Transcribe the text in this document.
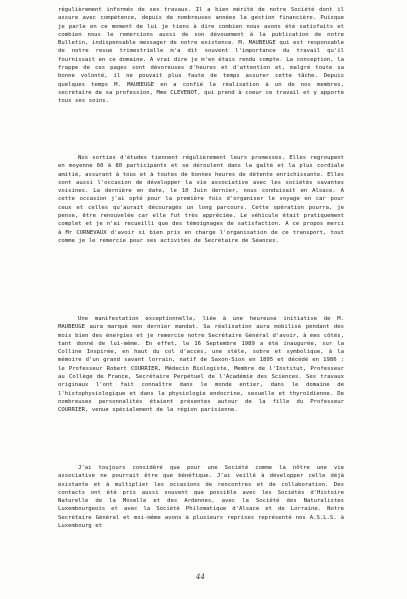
régulièrement informés de ses travaux. Il a bien mérité de notre Société dont il assure avec compétence, depuis de nombreuses années la gestion financière. Puisque je parle en ce moment de lui je tiens à dire combien nous avons été satisfaits et combien nous le remercions aussi de son dévouement à la publication de notre Bulletin, indispensable messager de notre existence. M. MAUBEUGE qui est responsable de notre revue trimestrielle m'a dit souvent l'importance du travail qu'il fournissait en ce domaine. A vrai dire je m'en étais rendu compte. La conception, la frappe de ces pages sont dévoreuses d'heures et d'attention et, malgré toute sa bonne volonté, il ne pouvait plus faute de temps assurer cette tâche. Depuis quelques temps M. MAUBEUGE en a confié la réalisation à un de nos membres, secrétaire de sa profession, Mme CLEVENOT, qui prend à coeur ce travail et y apporte tous ses soins.

Nos sorties d'études tiennent régulièrement leurs promesses. Elles regroupent en moyenne 60 à 80 participants et se déroulent dans la gaîté et la plus cordiale amitié, assurant à tous et à toutes de bonnes heures de détente enrichissante. Elles sont aussi l'occasion de développer la vie associative avec les sociétés savantes voisines. La dernière en date, le 10 Juin dernier, nous conduisait en Alsace. A cette occasion j'ai opté pour la première fois d'organiser le voyage en car pour ceux et celles qu'aurait découragés un long parcours. Cette opération pourra, je pense, être renouvelée car elle fut très appréciée. Le véhicule était pratiquement complet et je n'ai recueilli que des témoignages de satisfaction. A ce propos merci à Mr CORNEVAUX d'avoir si bien pris en charge l'organisation de ce transport, tout comme je le remercie pour ses activités de Secrétaire de Séances.

Une manifestation exceptionnelle, liée à une heureuse initiative de M. MAUBEUGE aura marqué mon dernier mandat. Sa réalisation aura mobilisé pendant des mois bien des énergies et je remercie notre Secrétaire Général d'avoir, à mes côtés, tant donné de lui-même. En effet, le 16 Septembre 1989 a été inaugurée, sur la Colline Inspirée, en haut du col d'accès, une stèle, sobre et symbolique, à la mémoire d'un grand savant lorrain, natif de Saxon-Sion en 1895 et décédé en 1986 : le Professeur Robert COURRIER, Médecin Biologiste, Membre de l'Institut, Professeur au Collège de France, Secrétaire Perpétuel de l'Académie des Sciences. Ses travaux originaux l'ont fait connaître dans le monde entier, dans le domaine de l'histophysiologique et dans la physiologie endocrine, sexuelle et thyroïdienne. De nombreuses personnalités étaient présentes autour de la fille du Professeur COURRIER, venue spécialement de la région parisienne.

J'ai toujours considéré que pour une Société comme la nôtre une vie associative ne pourrait être que bénéfique. J'ai veillé à développer celle déjà existante et à multiplier les occasions de rencontres et de collaboration. Des contacts ont été pris aussi souvent que possible avec les Sociétés d'Histoire Naturelle de la Moselle et des Ardennes, avec la Société des Naturalistes Luxembourgeois et avec la Société Philomatique d'Alsace et de Lorraine. Notre Secrétaire Général et moi-même avons à plusieurs reprises représenté nos A.S.L.S. à Luxembourg et

44
